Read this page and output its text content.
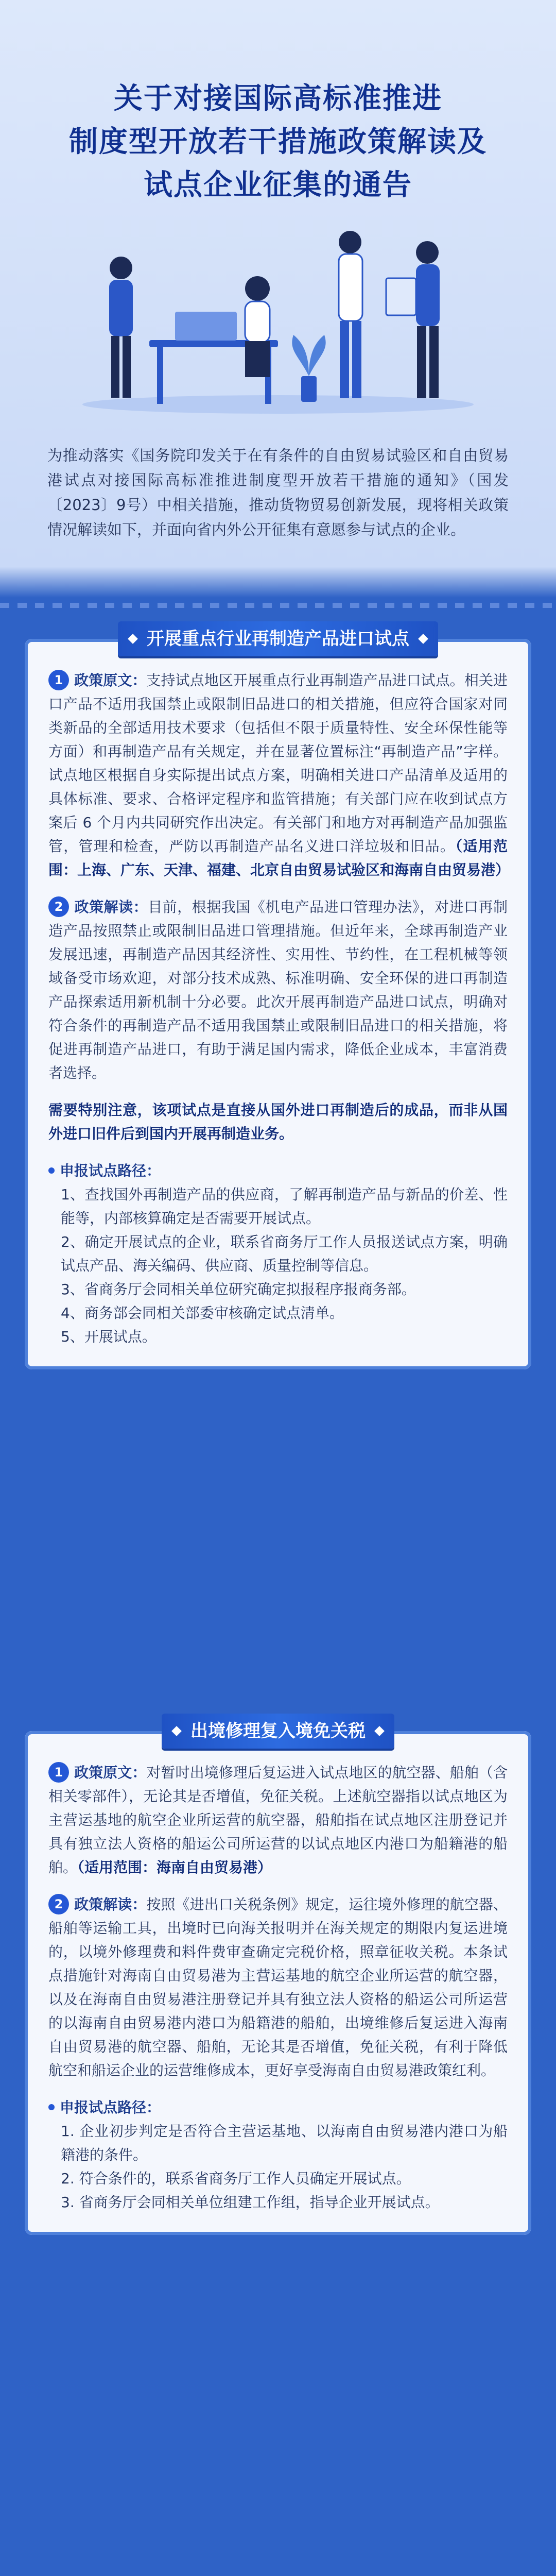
关于对接国际高标准推进
制度型开放若干措施政策解读及
试点企业征集的通告
为推动落实《国务院印发关于在有条件的自由贸易试验区和自由贸易港试点对接国际高标准推进制度型开放若干措施的通知》（国发〔2023〕9号）中相关措施，推动货物贸易创新发展，现将相关政策情况解读如下，并面向省内外公开征集有意愿参与试点的企业。
开展重点行业再制造产品进口试点
1 政策原文：支持试点地区开展重点行业再制造产品进口试点。相关进口产品不适用我国禁止或限制旧品进口的相关措施，但应符合国家对同类新品的全部适用技术要求（包括但不限于质量特性、安全环保性能等方面）和再制造产品有关规定，并在显著位置标注“再制造产品”字样。试点地区根据自身实际提出试点方案，明确相关进口产品清单及适用的具体标准、要求、合格评定程序和监管措施；有关部门应在收到试点方案后 6 个月内共同研究作出决定。有关部门和地方对再制造产品加强监管，管理和检查，严防以再制造产品名义进口洋垃圾和旧品。（适用范围：上海、广东、天津、福建、北京自由贸易试验区和海南自由贸易港）
2 政策解读：目前，根据我国《机电产品进口管理办法》，对进口再制造产品按照禁止或限制旧品进口管理措施。但近年来，全球再制造产业发展迅速，再制造产品因其经济性、实用性、节约性，在工程机械等领域备受市场欢迎，对部分技术成熟、标准明确、安全环保的进口再制造产品探索适用新机制十分必要。此次开展再制造产品进口试点，明确对符合条件的再制造产品不适用我国禁止或限制旧品进口的相关措施，将促进再制造产品进口，有助于满足国内需求，降低企业成本，丰富消费者选择。
需要特别注意，该项试点是直接从国外进口再制造后的成品，而非从国外进口旧件后到国内开展再制造业务。
申报试点路径：
1、查找国外再制造产品的供应商，了解再制造产品与新品的价差、性能等，内部核算确定是否需要开展试点。
2、确定开展试点的企业，联系省商务厅工作人员报送试点方案，明确试点产品、海关编码、供应商、质量控制等信息。
3、省商务厅会同相关单位研究确定拟报程序报商务部。
4、商务部会同相关部委审核确定试点清单。
5、开展试点。
出境修理复入境免关税
1 政策原文：对暂时出境修理后复运进入试点地区的航空器、船舶（含相关零部件），无论其是否增值，免征关税。上述航空器指以试点地区为主营运基地的航空企业所运营的航空器，船舶指在试点地区注册登记并具有独立法人资格的船运公司所运营的以试点地区内港口为船籍港的船舶。（适用范围：海南自由贸易港）
2 政策解读：按照《进出口关税条例》规定，运往境外修理的航空器、船舶等运输工具，出境时已向海关报明并在海关规定的期限内复运进境的，以境外修理费和料件费审查确定完税价格，照章征收关税。本条试点措施针对海南自由贸易港为主营运基地的航空企业所运营的航空器，以及在海南自由贸易港注册登记并具有独立法人资格的船运公司所运营的以海南自由贸易港内港口为船籍港的船舶，出境维修后复运进入海南自由贸易港的航空器、船舶，无论其是否增值，免征关税，有利于降低航空和船运企业的运营维修成本，更好享受海南自由贸易港政策红利。
申报试点路径：
1. 企业初步判定是否符合主营运基地、以海南自由贸易港内港口为船籍港的条件。
2. 符合条件的，联系省商务厅工作人员确定开展试点。
3. 省商务厅会同相关单位组建工作组，指导企业开展试点。
